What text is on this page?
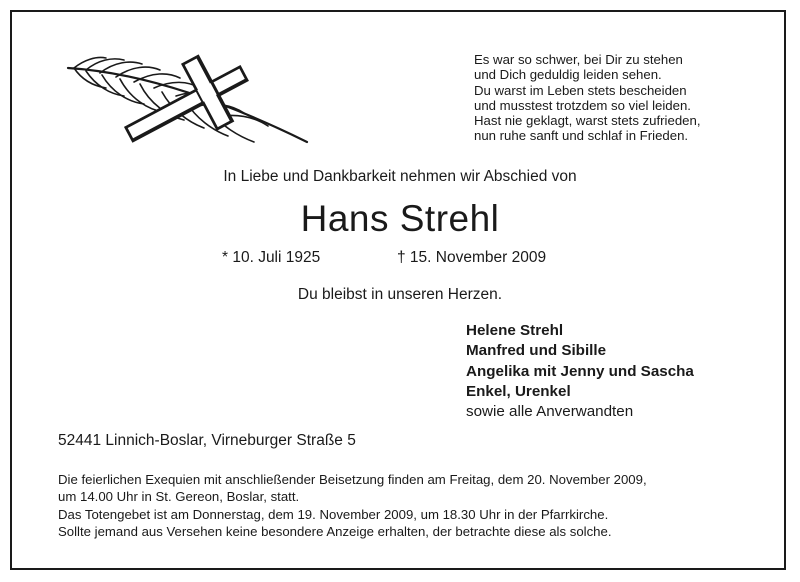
Es war so schwer, bei Dir zu stehen
und Dich geduldig leiden sehen.
Du warst im Leben stets bescheiden
und musstest trotzdem so viel leiden.
Hast nie geklagt, warst stets zufrieden,
nun ruhe sanft und schlaf in Frieden.
In Liebe und Dankbarkeit nehmen wir Abschied von
Hans Strehl
* 10. Juli 1925	† 15. November 2009
Du bleibst in unseren Herzen.
Helene Strehl
Manfred und Sibille
Angelika mit Jenny und Sascha
Enkel, Urenkel
sowie alle Anverwandten
52441 Linnich-Boslar, Virneburger Straße 5
Die feierlichen Exequien mit anschließender Beisetzung finden am Freitag, dem 20. November 2009,
um 14.00 Uhr in St. Gereon, Boslar, statt.
Das Totengebet ist am Donnerstag, dem 19. November 2009, um 18.30 Uhr in der Pfarrkirche.
Sollte jemand aus Versehen keine besondere Anzeige erhalten, der betrachte diese als solche.
